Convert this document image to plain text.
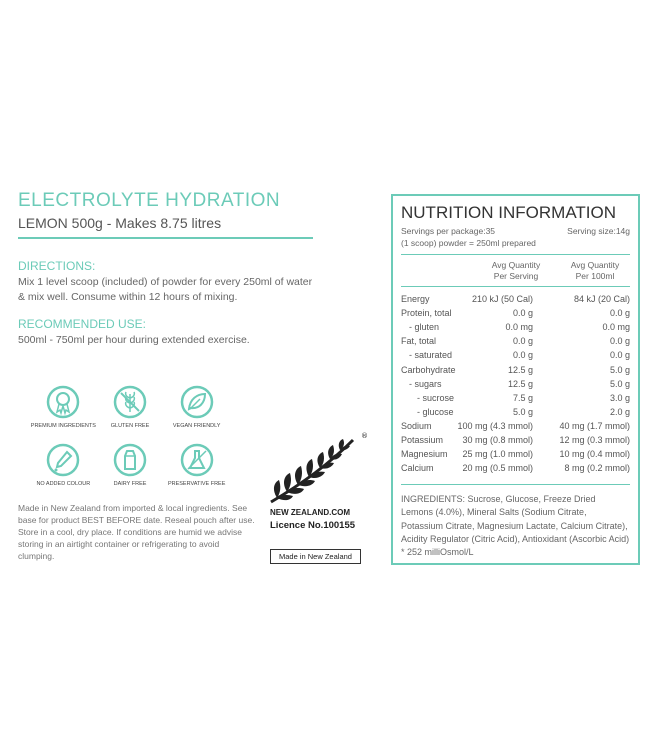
ELECTROLYTE HYDRATION
LEMON 500g - Makes 8.75 litres
DIRECTIONS:
Mix 1 level scoop (included) of powder for every 250ml of water & mix well. Consume within 12 hours of mixing.
RECOMMENDED USE:
500ml - 750ml per hour during extended exercise.
PREMIUM INGREDIENTS	GLUTEN FREE	VEGAN FRIENDLY
NO ADDED COLOUR	DAIRY FREE	PRESERVATIVE FREE
Made in New Zealand from imported & local ingredients. See base for product BEST BEFORE date. Reseal pouch after use. Store in a cool, dry place. If conditions are humid we advise storing in an airtight container or refrigerating to avoid clumping.
®
NEW ZEALAND.COM
Licence No.100155
Made in New Zealand
NUTRITION INFORMATION
Servings per package:35	Serving size:14g
(1 scoop) powder = 250ml prepared
Avg Quantity
Per Serving
Avg Quantity
Per 100ml
Energy	210 kJ (50 Cal)	84 kJ (20 Cal)
Protein, total	0.0 g	0.0 g
- gluten	0.0 mg	0.0 mg
Fat, total	0.0 g	0.0 g
- saturated	0.0 g	0.0 g
Carbohydrate	12.5 g	5.0 g
- sugars	12.5 g	5.0 g
- sucrose	7.5 g	3.0 g
- glucose	5.0 g	2.0 g
Sodium	100 mg (4.3 mmol)	40 mg (1.7 mmol)
Potassium 30 mg (0.8 mmol)	12 mg (0.3 mmol)
Magnesium 25 mg (1.0 mmol)	10 mg (0.4 mmol)
Calcium	20 mg (0.5 mmol)	8 mg (0.2 mmol)
INGREDIENTS: Sucrose, Glucose, Freeze Dried Lemons (4.0%), Mineral Salts (Sodium Citrate, Potassium Citrate, Magnesium Lactate, Calcium Citrate), Acidity Regulator (Citric Acid), Antioxidant (Ascorbic Acid) * 252 milliOsmol/L
